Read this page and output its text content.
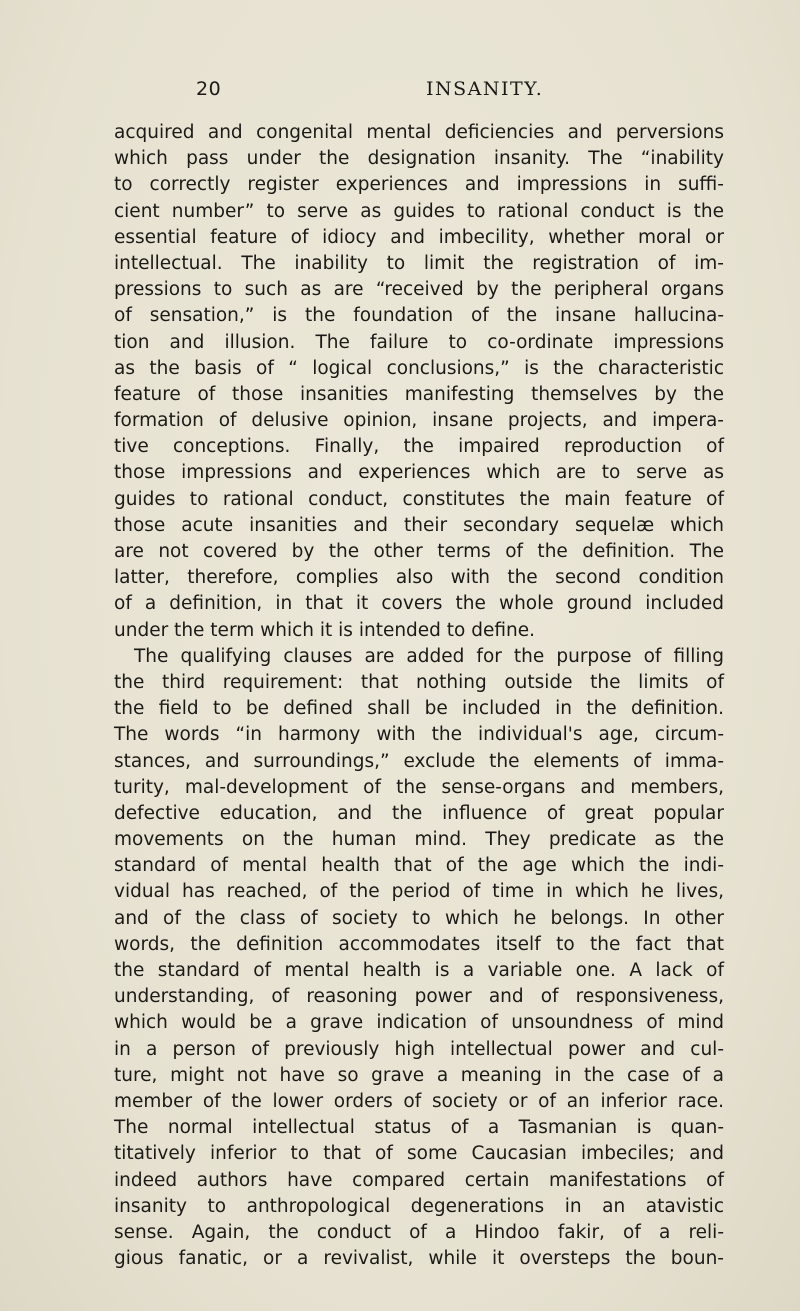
20	INSANITY.
acquired and congenital mental deficiencies and perversions
which pass under the designation insanity. The “inability
to correctly register experiences and impressions in suffi-
cient number” to serve as guides to rational conduct is the
essential feature of idiocy and imbecility, whether moral or
intellectual. The inability to limit the registration of im-
pressions to such as are “received by the peripheral organs
of sensation,” is the foundation of the insane hallucina-
tion and illusion. The failure to co-ordinate impressions
as the basis of “ logical conclusions,” is the characteristic
feature of those insanities manifesting themselves by the
formation of delusive opinion, insane projects, and impera-
tive conceptions. Finally, the impaired reproduction of
those impressions and experiences which are to serve as
guides to rational conduct, constitutes the main feature of
those acute insanities and their secondary sequelæ which
are not covered by the other terms of the definition. The
latter, therefore, complies also with the second condition
of a definition, in that it covers the whole ground included
under the term which it is intended to define.
The qualifying clauses are added for the purpose of filling
the third requirement: that nothing outside the limits of
the field to be defined shall be included in the definition.
The words “in harmony with the individual's age, circum-
stances, and surroundings,” exclude the elements of imma-
turity, mal-development of the sense-organs and members,
defective education, and the influence of great popular
movements on the human mind. They predicate as the
standard of mental health that of the age which the indi-
vidual has reached, of the period of time in which he lives,
and of the class of society to which he belongs. In other
words, the definition accommodates itself to the fact that
the standard of mental health is a variable one. A lack of
understanding, of reasoning power and of responsiveness,
which would be a grave indication of unsoundness of mind
in a person of previously high intellectual power and cul-
ture, might not have so grave a meaning in the case of a
member of the lower orders of society or of an inferior race.
The normal intellectual status of a Tasmanian is quan-
titatively inferior to that of some Caucasian imbeciles; and
indeed authors have compared certain manifestations of
insanity to anthropological degenerations in an atavistic
sense. Again, the conduct of a Hindoo fakir, of a reli-
gious fanatic, or a revivalist, while it oversteps the boun-
